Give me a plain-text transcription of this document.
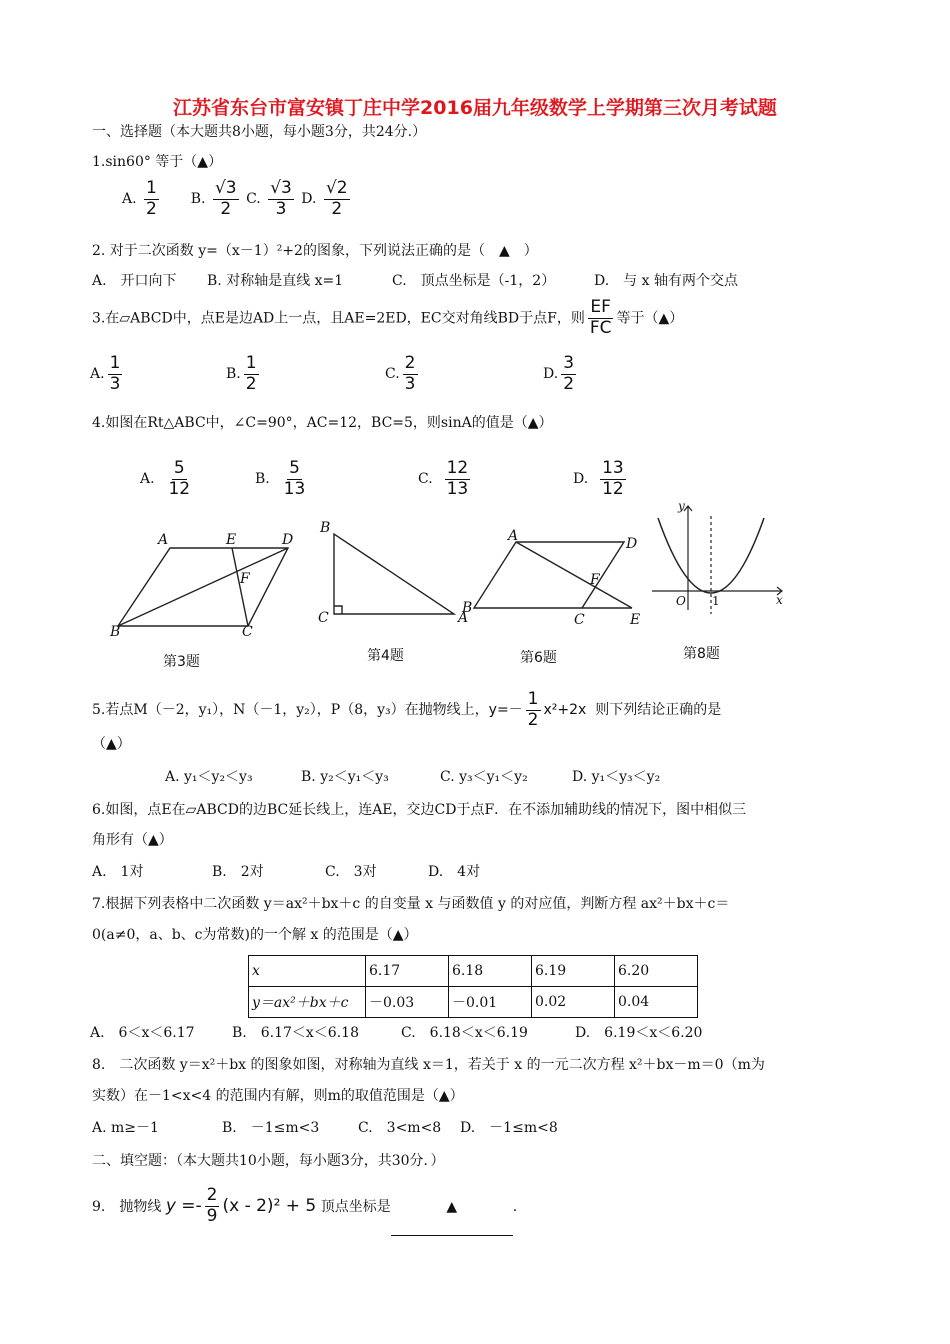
江苏省东台市富安镇丁庄中学2016届九年级数学上学期第三次月考试题
一、选择题（本大题共8小题，每小题3分，共24分.）
1.sin60° 等于（▲）
A. $\frac{1}{2} B$. $\frac{√3}{2} C$. $\frac{√3}{3} D$. $\frac{√2}{2}$
2. 对于二次函数 y=（x－1）²+2的图象，下列说法正确的是（　▲　）
A.　开口向下 B. 对称轴是直线 x=1	C.　顶点坐标是（-1，2）	D.　与 x 轴有两个交点
3.在▱ABCD中，点E是边AD上一点，且AE=2ED，EC交对角线BD于点F，则 $\frac{EF}{FC}$ 等于（▲）
A. $\frac{1}{3}$	B. $\frac{1}{2}$	C. $\frac{2}{3}$	D. $\frac{3}{2}$
4.如图在Rt△ABC中，∠C=90°，AC=12，BC=5，则sinA的值是（▲）
A. $\frac{5}{12}$	B. $\frac{5}{13}$	C. $\frac{12}{13}$	D. $\frac{13}{12}$
A	E	D
F
B	C
第3题
B
C	A
第4题
A	D
F
B
C	E
第6题
y
O 1	x
第8题
5.若点M（－2，y₁），N（－1，y₂），P（8，y₃）在抛物线上，$y=- \frac{1}{2} x^2+2x$ 则下列结论正确的是
（▲）
A. y₁＜y₂＜y₃	B. y₂＜y₁＜y₃	C. y₃＜y₁＜y₂	D. y₁＜y₃＜y₂
6.如图，点E在▱ABCD的边BC延长线上，连AE，交边CD于点F．在不添加辅助线的情况下，图中相似三
角形有（▲）
A.　1对	B.　2对	C.　3对	D.　4对
7.根据下列表格中二次函数 y＝ax²＋bx＋c 的自变量 x 与函数值 y 的对应值，判断方程 ax²＋bx＋c＝
0(a≠0，a、b、c为常数)的一个解 x 的范围是（▲）
x	6.17	6.18	6.19	6.20
y＝ax²＋bx＋c	－0.03	－0.01	0.02	0.04
A.　6＜x＜6.17	B.　6.17＜x＜6.18	C.　6.18＜x＜6.19	D.　6.19＜x＜6.20
8.　二次函数 y＝x²＋bx 的图象如图，对称轴为直线 x＝1，若关于 x 的一元二次方程 x²＋bx－m＝0（m为
实数）在－1<x<4 的范围内有解，则m的取值范围是（▲）
A. m≥－1	B.　－1≤m<3	C.　3<m<8 D.　－1≤m<8
二、填空题：（本大题共10小题，每小题3分，共30分．）
9.　抛物线 $y =- \frac{2}{9} (x - 2)^2 + 5$ 顶点坐标是	▲	.
